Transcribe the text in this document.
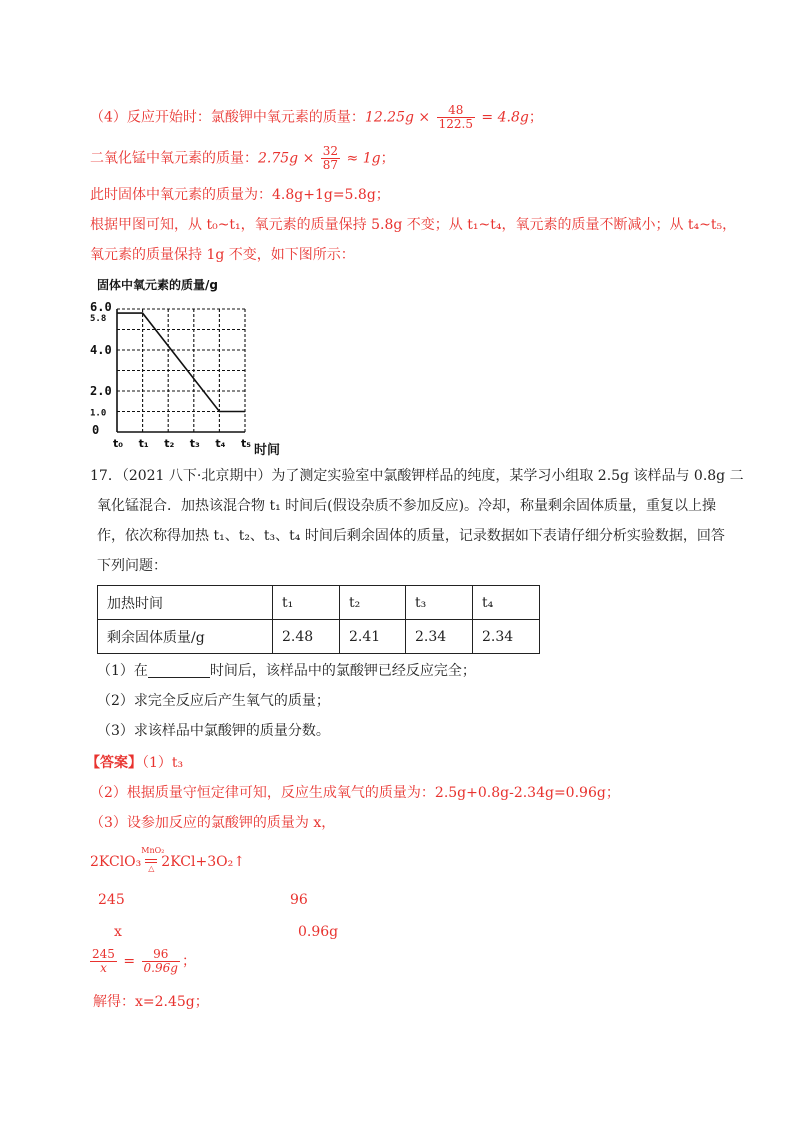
（4）反应开始时：氯酸钾中氧元素的质量：$12.25g \times \frac{48}{122.5} = 4.8g$；
二氧化锰中氧元素的质量：$2.75g \times \frac{32}{87} \approx 1g$；
此时固体中氧元素的质量为：4.8g+1g=5.8g；
根据甲图可知，从 t₀~t₁，氧元素的质量保持 5.8g 不变；从 t₁~t₄，氧元素的质量不断减小；从 t₄~t₅，
氧元素的质量保持 1g 不变，如下图所示：
固体中氧元素的质量/g
时间
6.0
5.8
4.0
2.0
1.0
0
t₀ t₁ t₂ t₃ t₄ t₅
17．（2021 八下·北京期中）为了测定实验室中氯酸钾样品的纯度，某学习小组取 2.5g 该样品与 0.8g 二
氧化锰混合．加热该混合物 t₁ 时间后(假设杂质不参加反应)。冷却，称量剩余固体质量，重复以上操
作，依次称得加热 t₁、t₂、t₃、t₄ 时间后剩余固体的质量，记录数据如下表请仔细分析实验数据，回答
下列问题：
加热时间	t₁	t₂	t₃	t₄
剩余固体质量/g	2.48	2.41	2.34	2.34
（1）在	时间后，该样品中的氯酸钾已经反应完全；
（2）求完全反应后产生氧气的质量；
（3）求该样品中氯酸钾的质量分数。
【答案】（1）t₃
（2）根据质量守恒定律可知，反应生成氧气的质量为：2.5g+0.8g-2.34g=0.96g；
（3）设参加反应的氯酸钾的质量为 x，
2KClO₃
MnO₂
△ 2KCl+3O₂↑
245	96
x	0.96g
$\frac{245}{x} = \frac{96}{0.96g}$ ；
解得：x=2.45g；
